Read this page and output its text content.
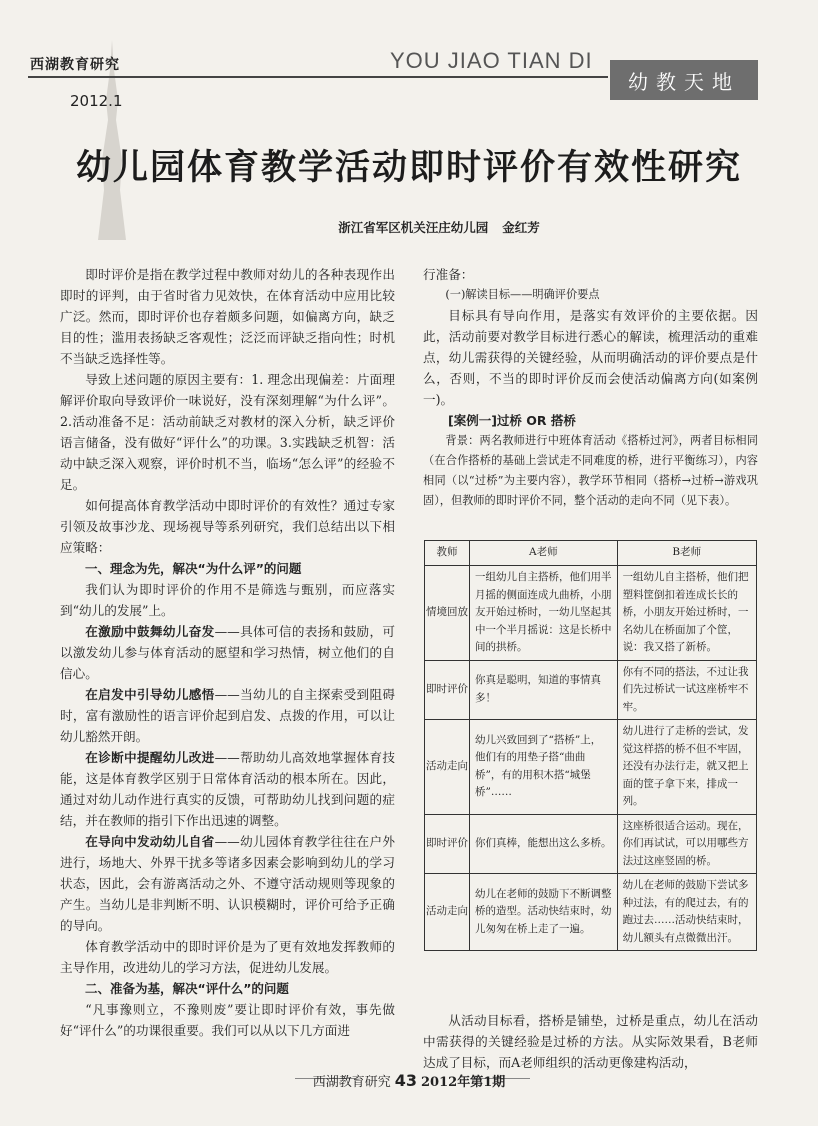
西湖教育研究
2012.1
YOU JIAO TIAN DI
幼教天地
幼儿园体育教学活动即时评价有效性研究
浙江省军区机关汪庄幼儿园 金红芳

即时评价是指在教学过程中教师对幼儿的各种表现作出即时的评判，由于省时省力见效快，在体育活动中应用比较广泛。然而，即时评价也存着颇多问题，如偏离方向，缺乏目的性；滥用表扬缺乏客观性；泛泛而评缺乏指向性；时机不当缺乏选择性等。

导致上述问题的原因主要有：1. 理念出现偏差：片面理解评价取向导致评价一味说好，没有深刻理解“为什么评”。2.活动准备不足：活动前缺乏对教材的深入分析，缺乏评价语言储备，没有做好“评什么”的功课。3.实践缺乏机智：活动中缺乏深入观察，评价时机不当，临场“怎么评”的经验不足。

如何提高体育教学活动中即时评价的有效性？通过专家引领及故事沙龙、现场视导等系列研究，我们总结出以下相应策略：

一、理念为先，解决“为什么评”的问题

我们认为即时评价的作用不是筛选与甄别，而应落实到“幼儿的发展”上。

在激励中鼓舞幼儿奋发——具体可信的表扬和鼓励，可以激发幼儿参与体育活动的愿望和学习热情，树立他们的自信心。

在启发中引导幼儿感悟——当幼儿的自主探索受到阻碍时，富有激励性的语言评价起到启发、点拨的作用，可以让幼儿豁然开朗。

在诊断中提醒幼儿改进——帮助幼儿高效地掌握体育技能，这是体育教学区别于日常体育活动的根本所在。因此，通过对幼儿动作进行真实的反馈，可帮助幼儿找到问题的症结，并在教师的指引下作出迅速的调整。

在导向中发动幼儿自省——幼儿园体育教学往往在户外进行，场地大、外界干扰多等诸多因素会影响到幼儿的学习状态，因此，会有游离活动之外、不遵守活动规则等现象的产生。当幼儿是非判断不明、认识模糊时，评价可给予正确的导向。

体育教学活动中的即时评价是为了更有效地发挥教师的主导作用，改进幼儿的学习方法，促进幼儿发展。

二、准备为基，解决“评什么”的问题

“凡事豫则立，不豫则废”要让即时评价有效，事先做好“评什么”的功课很重要。我们可以从以下几方面进

行准备：

(一)解读目标——明确评价要点

目标具有导向作用，是落实有效评价的主要依据。因此，活动前要对教学目标进行悉心的解读，梳理活动的重难点，幼儿需获得的关键经验，从而明确活动的评价要点是什么，否则，不当的即时评价反而会使活动偏离方向(如案例一)。

[案例一]过桥 OR 搭桥

背景：两名教师进行中班体育活动《搭桥过河》，两者目标相同（在合作搭桥的基础上尝试走不同难度的桥，进行平衡练习），内容相同（以“过桥”为主要内容），教学环节相同（搭桥→过桥→游戏巩固），但教师的即时评价不同，整个活动的走向不同（见下表）。

教师	A老师	B老师
情境回放	一组幼儿自主搭桥，他们用半月摇的侧面连成九曲桥，小朋友开始过桥时，一幼儿坚起其中一个半月摇说：这是长桥中间的拱桥。	一组幼儿自主搭桥，他们把塑料筐倒扣着连成长长的桥，小朋友开始过桥时，一名幼儿在桥面加了个筐，说：我又搭了新桥。
即时评价	你真是聪明，知道的事情真多！	你有不同的搭法，不过让我们先过桥试一试这座桥牢不牢。
活动走向	幼儿兴致回到了“搭桥”上，他们有的用垫子搭“曲曲桥”，有的用积木搭“城堡桥”……	幼儿进行了走桥的尝试，发觉这样搭的桥不但不牢固，还没有办法行走，就又把上面的筐子拿下来，排成一列。
即时评价	你们真棒，能想出这么多桥。	这座桥很适合运动。现在，你们再试试，可以用哪些方法过这座竖固的桥。
活动走向	幼儿在老师的鼓励下不断调整桥的造型。活动快结束时，幼儿匆匆在桥上走了一遍。	幼儿在老师的鼓励下尝试多种过法，有的爬过去，有的跑过去……活动快结束时，幼儿额头有点微微出汗。

从活动目标看，搭桥是铺垫，过桥是重点，幼儿在活动中需获得的关键经验是过桥的方法。从实际效果看，B老师达成了目标，而A老师组织的活动更像建构活动，

西湖教育研究 43 2012年第1期
